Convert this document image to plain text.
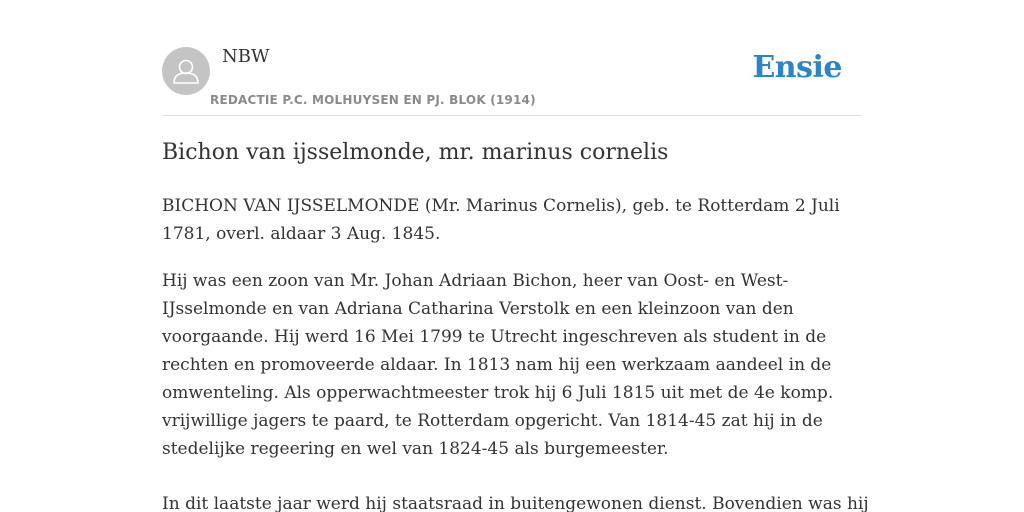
NBW
REDACTIE P.C. MOLHUYSEN EN PJ. BLOK (1914)
Ensie
Bichon van ijsselmonde, mr. marinus cornelis

BICHON VAN IJSSELMONDE (Mr. Marinus Cornelis), geb. te Rotterdam 2 Juli
1781, overl. aldaar 3 Aug. 1845.

Hij was een zoon van Mr. Johan Adriaan Bichon, heer van Oost- en West-
IJsselmonde en van Adriana Catharina Verstolk en een kleinzoon van den
voorgaande. Hij werd 16 Mei 1799 te Utrecht ingeschreven als student in de
rechten en promoveerde aldaar. In 1813 nam hij een werkzaam aandeel in de
omwenteling. Als opperwachtmeester trok hij 6 Juli 1815 uit met de 4e komp.
vrijwillige jagers te paard, te Rotterdam opgericht. Van 1814-45 zat hij in de
stedelijke regeering en wel van 1824-45 als burgemeester.

In dit laatste jaar werd hij staatsraad in buitengewonen dienst. Bovendien was hij
